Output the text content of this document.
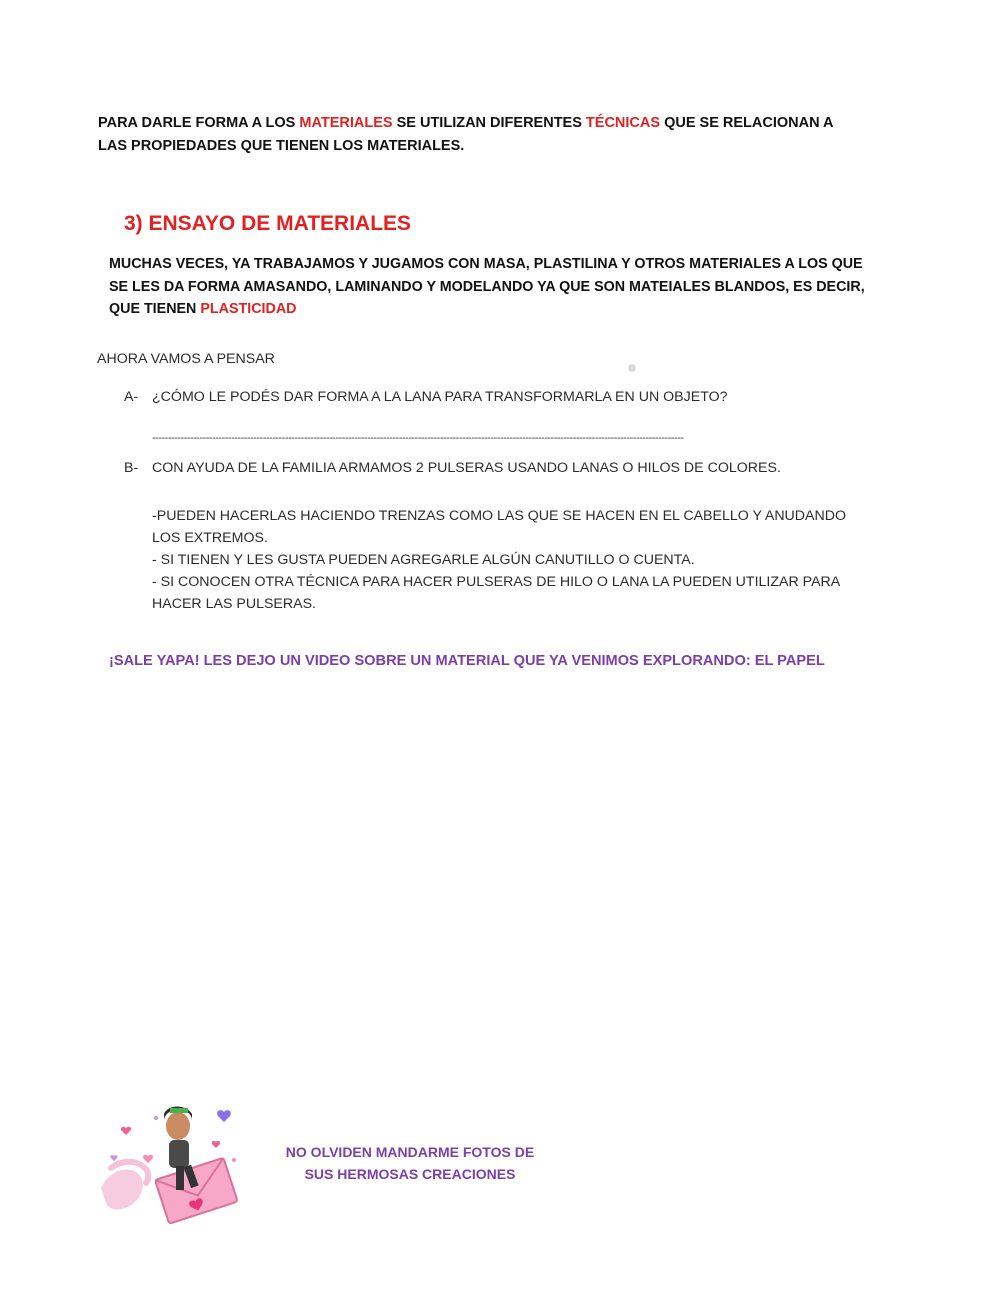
PARA DARLE FORMA A LOS MATERIALES SE UTILIZAN DIFERENTES TÉCNICAS QUE SE RELACIONAN A LAS PROPIEDADES QUE TIENEN LOS MATERIALES.
3) ENSAYO DE MATERIALES
MUCHAS VECES, YA TRABAJAMOS Y JUGAMOS CON MASA, PLASTILINA Y OTROS MATERIALES A LOS QUE SE LES DA FORMA AMASANDO, LAMINANDO Y MODELANDO YA QUE SON MATEIALES BLANDOS, ES DECIR, QUE TIENEN PLASTICIDAD
AHORA VAMOS A PENSAR
A- ¿CÓMO LE PODÉS DAR FORMA A LA LANA PARA TRANSFORMARLA EN UN OBJETO?
------------------------------------------------------------------------------------------------------------------------------------------------------------------------
B- CON AYUDA DE LA FAMILIA ARMAMOS 2 PULSERAS USANDO LANAS O HILOS DE COLORES.

-PUEDEN HACERLAS HACIENDO TRENZAS COMO LAS QUE SE HACEN EN EL CABELLO Y ANUDANDO LOS EXTREMOS.

- SI TIENEN Y LES GUSTA PUEDEN AGREGARLE ALGÚN CANUTILLO O CUENTA.

- SI CONOCEN OTRA TÉCNICA PARA HACER PULSERAS DE HILO O LANA LA PUEDEN UTILIZAR PARA HACER LAS PULSERAS.

¡SALE YAPA! LES DEJO UN VIDEO SOBRE UN MATERIAL QUE YA VENIMOS EXPLORANDO: EL PAPEL
NO OLVIDEN MANDARME FOTOS DE
SUS HERMOSAS CREACIONES
